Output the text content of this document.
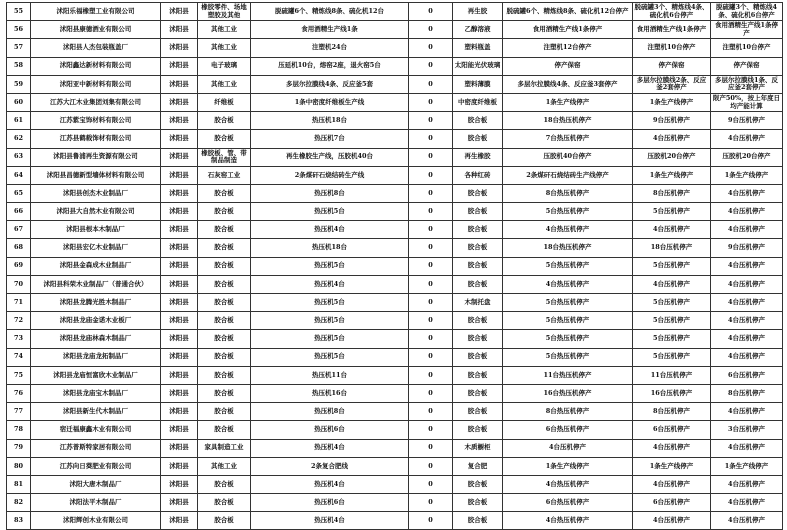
55	沭阳乐福橡塑工业有限公司	沭阳县	橡胶零件、场地塑胶及其他	脱硫罐6个、精炼线8条、硫化机12台	0	再生胶	脱硫罐6个、精炼线8条、硫化机12台停产	脱硫罐3个、精炼线4条、硫化机6台停产	脱硫罐3个、精炼线4条、硫化机6台停产
56	沭阳县康德酒业有限公司	沭阳县	其他工业	食用酒精生产线1条	0	乙醇溶液	食用酒精生产线1条停产	食用酒精生产线1条停产	食用酒精生产线1条停产
57	沭阳县人杰包装瓶盖厂	沭阳县	其他工业	注塑机24台	0	塑料瓶盖	注塑机12台停产	注塑机10台停产	注塑机10台停产
58	沭阳鑫达新材料有限公司	沭阳县	电子玻璃	压延机10台，熔窑2座，退火窑5台	0	太阳能光伏玻璃	停产保窑	停产保窑	停产保窑
59	沭阳亚中新材料有限公司	沭阳县	其他工业	多层尔拉膜线4条、反应釜5套	0	塑料薄膜	多层尔拉膜线4条、反应釜3套停产	多层尔拉膜线2条、反应釜2套停产	多层尔拉膜线1条、反应釜2套停产
60	江苏大江木业集团刘集有限公司	沭阳县	纤维板	1条中密度纤维板生产线	0	中密度纤维板	1条生产线停产	1条生产线停产	限产50%，按上年度日均产能计算
61	江苏紫宝饰材料有限公司	沭阳县	胶合板	热压机18台	0	胶合板	18台热压机停产	9台压机停产	9台压机停产
62	江苏县鹤载饰材有限公司	沭阳县	胶合板	热压机7台	0	胶合板	7台热压机停产	4台压机停产	4台压机停产
63	沭阳县鲁浦再生资源有限公司	沭阳县	橡胶板、管、带制品制造	再生橡胶生产线，压胶机40台	0	再生橡胶	压胶机40台停产	压胶机20台停产	压胶机20台停产
64	沭阳县昌德新型墙体材料有限公司	沭阳县	石灰窑工业	2条煤矸石烧结砖生产线	0	各种红砖	2条煤矸石烧结砖生产线停产	1条生产线停产	1条生产线停产
65	沭阳县创杰木业制品厂	沭阳县	胶合板	热压机8台	0	胶合板	8台热压机停产	8台压机停产	4台压机停产
66	沭阳县大自然木业有限公司	沭阳县	胶合板	热压机5台	0	胶合板	5台热压机停产	5台压机停产	4台压机停产
67	沭阳县根本木制品厂	沭阳县	胶合板	热压机4台	0	胶合板	4台热压机停产	4台压机停产	4台压机停产
68	沭阳县宏亿木业制品厂	沭阳县	胶合板	热压机18台	0	胶合板	18台热压机停产	18台压机停产	9台压机停产
69	沭阳县金森成木业制品厂	沭阳县	胶合板	热压机5台	0	胶合板	5台热压机停产	5台压机停产	4台压机停产
70	沭阳县科荣木业制品厂（普通合伙）	沭阳县	胶合板	热压机4台	0	胶合板	4台热压机停产	4台压机停产	4台压机停产
71	沭阳县龙腾光胜木制品厂	沭阳县	胶合板	热压机5台	0	木制托盘	5台热压机停产	5台压机停产	4台压机停产
72	沭阳县龙庙金诺木业板厂	沭阳县	胶合板	热压机5台	0	胶合板	5台热压机停产	5台压机停产	4台压机停产
73	沭阳县龙庙林森木制品厂	沭阳县	胶合板	热压机5台	0	胶合板	5台热压机停产	5台压机停产	4台压机停产
74	沭阳县龙庙龙拓制品厂	沭阳县	胶合板	热压机5台	0	胶合板	5台热压机停产	5台压机停产	4台压机停产
75	沭阳县龙庙恒富欣木业制品厂	沭阳县	胶合板	热压机11台	0	胶合板	11台热压机停产	11台压机停产	6台压机停产
76	沭阳县龙庙宝木制品厂	沭阳县	胶合板	热压机16台	0	胶合板	16台热压机停产	16台压机停产	8台压机停产
77	沭阳县新生代木制品厂	沭阳县	胶合板	热压机8台	0	胶合板	8台热压机停产	8台压机停产	4台压机停产
78	宿迁福康鑫木业有限公司	沭阳县	胶合板	热压机6台	0	胶合板	6台热压机停产	6台压机停产	3台压机停产
79	江苏普斯特家居有限公司	沭阳县	家具制造工业	热压机4台	0	木质橱柜	4台压机停产	4台压机停产	4台压机停产
80	江苏向日葵肥业有限公司	沭阳县	其他工业	2条复合肥线	0	复合肥	1条生产线停产	1条生产线停产	1条生产线停产
81	沭阳大唐木制品厂	沭阳县	胶合板	热压机4台	0	胶合板	4台热压机停产	4台压机停产	4台压机停产
82	沭阳法平木制品厂	沭阳县	胶合板	热压机6台	0	胶合板	6台热压机停产	6台压机停产	4台压机停产
83	沭阳辉创木业有限公司	沭阳县	胶合板	热压机4台	0	胶合板	4台热压机停产	4台压机停产	4台压机停产
